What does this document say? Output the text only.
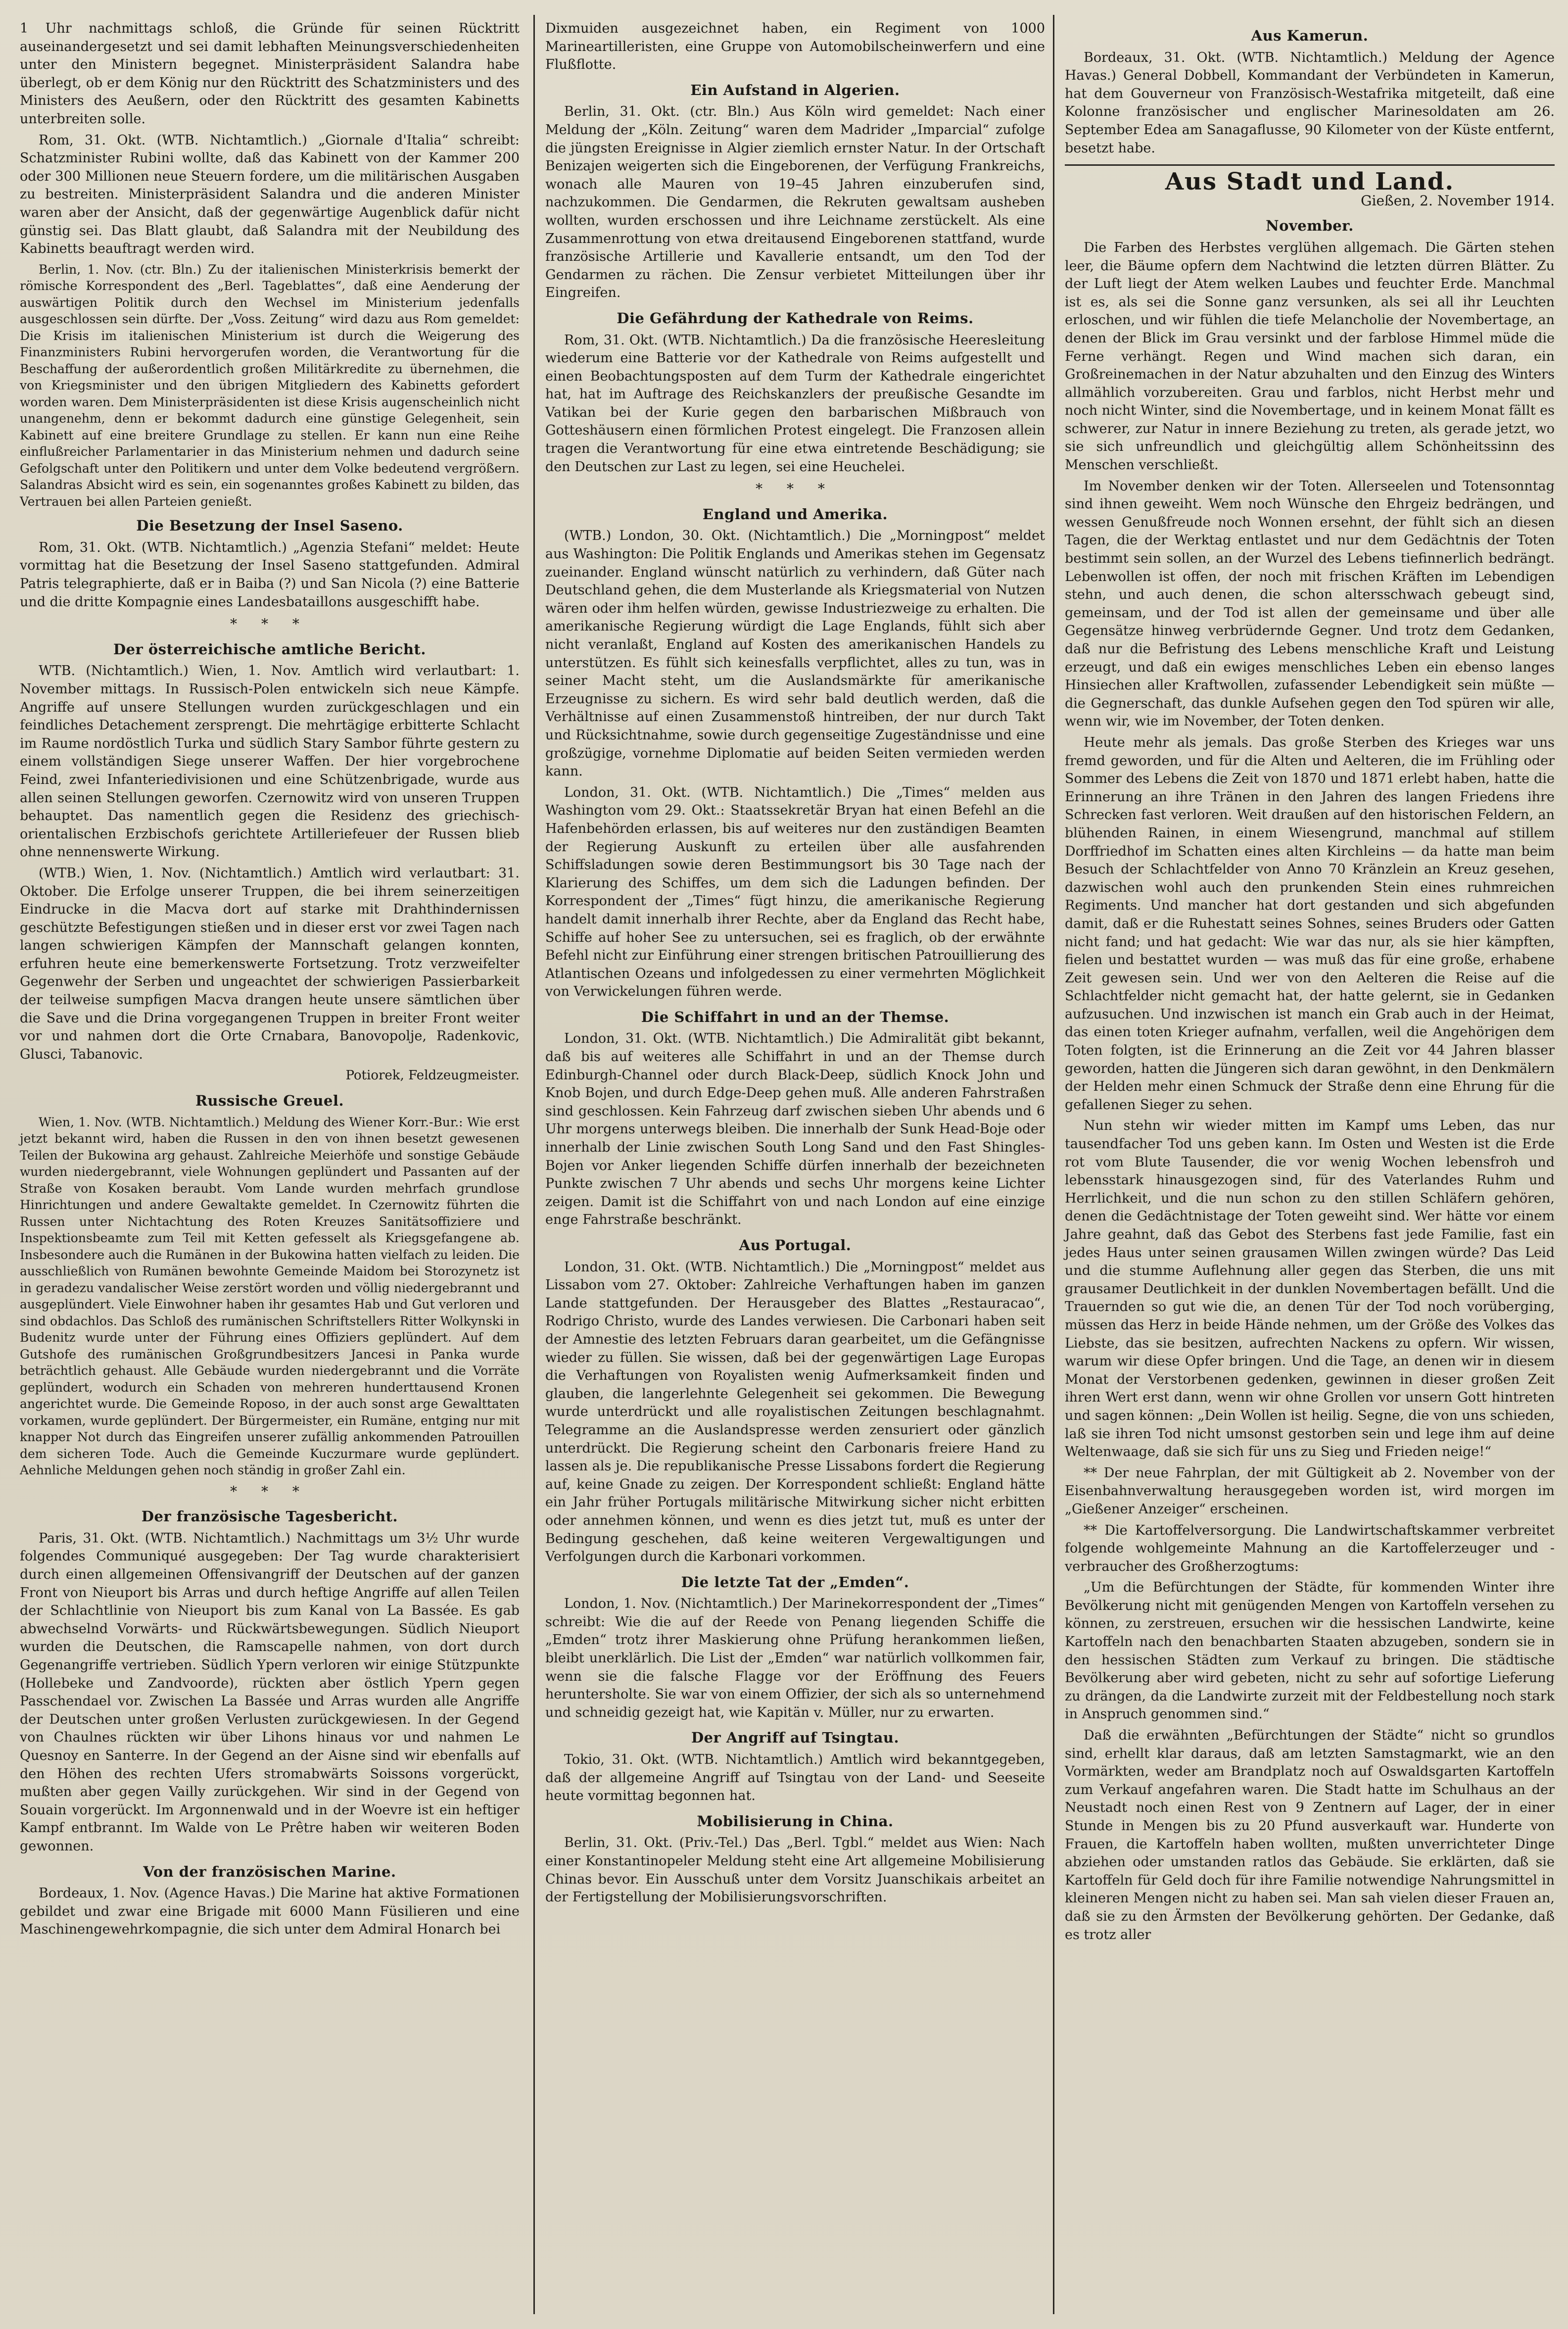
1 Uhr nachmittags schloß, die Gründe für seinen Rücktritt auseinandergesetzt und sei damit lebhaften Meinungsverschiedenheiten unter den Ministern begegnet. Ministerpräsident Salandra habe überlegt, ob er dem König nur den Rücktritt des Schatzministers und des Ministers des Aeußern, oder den Rücktritt des gesamten Kabinetts unterbreiten solle.

Rom, 31. Okt. (WTB. Nichtamtlich.) „Giornale d'Italia“ schreibt: Schatzminister Rubini wollte, daß das Kabinett von der Kammer 200 oder 300 Millionen neue Steuern fordere, um die militärischen Ausgaben zu bestreiten. Ministerpräsident Salandra und die anderen Minister waren aber der Ansicht, daß der gegenwärtige Augenblick dafür nicht günstig sei. Das Blatt glaubt, daß Salandra mit der Neubildung des Kabinetts beauftragt werden wird.

Berlin, 1. Nov. (ctr. Bln.) Zu der italienischen Ministerkrisis bemerkt der römische Korrespondent des „Berl. Tageblattes“, daß eine Aenderung der auswärtigen Politik durch den Wechsel im Ministerium jedenfalls ausgeschlossen sein dürfte. Der „Voss. Zeitung“ wird dazu aus Rom gemeldet: Die Krisis im italienischen Ministerium ist durch die Weigerung des Finanzministers Rubini hervorgerufen worden, die Verantwortung für die Beschaffung der außerordentlich großen Militärkredite zu übernehmen, die von Kriegsminister und den übrigen Mitgliedern des Kabinetts gefordert worden waren. Dem Ministerpräsidenten ist diese Krisis augenscheinlich nicht unangenehm, denn er bekommt dadurch eine günstige Gelegenheit, sein Kabinett auf eine breitere Grundlage zu stellen. Er kann nun eine Reihe einflußreicher Parlamentarier in das Ministerium nehmen und dadurch seine Gefolgschaft unter den Politikern und unter dem Volke bedeutend vergrößern. Salandras Absicht wird es sein, ein sogenanntes großes Kabinett zu bilden, das Vertrauen bei allen Parteien genießt.

Die Besetzung der Insel Saseno.

Rom, 31. Okt. (WTB. Nichtamtlich.) „Agenzia Stefani“ meldet: Heute vormittag hat die Besetzung der Insel Saseno stattgefunden. Admiral Patris telegraphierte, daß er in Baiba (?) und San Nicola (?) eine Batterie und die dritte Kompagnie eines Landesbataillons ausgeschifft habe.

* * *
Der österreichische amtliche Bericht.

WTB. (Nichtamtlich.) Wien, 1. Nov. Amtlich wird verlautbart: 1. November mittags. In Russisch-Polen entwickeln sich neue Kämpfe. Angriffe auf unsere Stellungen wurden zurückgeschlagen und ein feindliches Detachement zersprengt. Die mehrtägige erbitterte Schlacht im Raume nordöstlich Turka und südlich Stary Sambor führte gestern zu einem vollständigen Siege unserer Waffen. Der hier vorgebrochene Feind, zwei Infanteriedivisionen und eine Schützenbrigade, wurde aus allen seinen Stellungen geworfen. Czernowitz wird von unseren Truppen behauptet. Das namentlich gegen die Residenz des griechisch-orientalischen Erzbischofs gerichtete Artilleriefeuer der Russen blieb ohne nennenswerte Wirkung.

(WTB.) Wien, 1. Nov. (Nichtamtlich.) Amtlich wird verlautbart: 31. Oktober. Die Erfolge unserer Truppen, die bei ihrem seinerzeitigen Eindrucke in die Macva dort auf starke mit Drahthindernissen geschützte Befestigungen stießen und in dieser erst vor zwei Tagen nach langen schwierigen Kämpfen der Mannschaft gelangen konnten, erfuhren heute eine bemerkenswerte Fortsetzung. Trotz verzweifelter Gegenwehr der Serben und ungeachtet der schwierigen Passierbarkeit der teilweise sumpfigen Macva drangen heute unsere sämtlichen über die Save und die Drina vorgegangenen Truppen in breiter Front weiter vor und nahmen dort die Orte Crnabara, Banovopolje, Radenkovic, Glusci, Tabanovic.

Potiorek, Feldzeugmeister.
Russische Greuel.

Wien, 1. Nov. (WTB. Nichtamtlich.) Meldung des Wiener Korr.-Bur.: Wie erst jetzt bekannt wird, haben die Russen in den von ihnen besetzt gewesenen Teilen der Bukowina arg gehaust. Zahlreiche Meierhöfe und sonstige Gebäude wurden niedergebrannt, viele Wohnungen geplündert und Passanten auf der Straße von Kosaken beraubt. Vom Lande wurden mehrfach grundlose Hinrichtungen und andere Gewaltakte gemeldet. In Czernowitz führten die Russen unter Nichtachtung des Roten Kreuzes Sanitätsoffiziere und Inspektionsbeamte zum Teil mit Ketten gefesselt als Kriegsgefangene ab. Insbesondere auch die Rumänen in der Bukowina hatten vielfach zu leiden. Die ausschließlich von Rumänen bewohnte Gemeinde Maidom bei Storozynetz ist in geradezu vandalischer Weise zerstört worden und völlig niedergebrannt und ausgeplündert. Viele Einwohner haben ihr gesamtes Hab und Gut verloren und sind obdachlos. Das Schloß des rumänischen Schriftstellers Ritter Wolkynski in Budenitz wurde unter der Führung eines Offiziers geplündert. Auf dem Gutshofe des rumänischen Großgrundbesitzers Jancesi in Panka wurde beträchtlich gehaust. Alle Gebäude wurden niedergebrannt und die Vorräte geplündert, wodurch ein Schaden von mehreren hunderttausend Kronen angerichtet wurde. Die Gemeinde Roposo, in der auch sonst arge Gewalttaten vorkamen, wurde geplündert. Der Bürgermeister, ein Rumäne, entging nur mit knapper Not durch das Eingreifen unserer zufällig ankommenden Patrouillen dem sicheren Tode. Auch die Gemeinde Kuczurmare wurde geplündert. Aehnliche Meldungen gehen noch ständig in großer Zahl ein.

* * *
Der französische Tagesbericht.

Paris, 31. Okt. (WTB. Nichtamtlich.) Nachmittags um 3½ Uhr wurde folgendes Communiqué ausgegeben: Der Tag wurde charakterisiert durch einen allgemeinen Offensivangriff der Deutschen auf der ganzen Front von Nieuport bis Arras und durch heftige Angriffe auf allen Teilen der Schlachtlinie von Nieuport bis zum Kanal von La Bassée. Es gab abwechselnd Vorwärts- und Rückwärtsbewegungen. Südlich Nieuport wurden die Deutschen, die Ramscapelle nahmen, von dort durch Gegenangriffe vertrieben. Südlich Ypern verloren wir einige Stützpunkte (Hollebeke und Zandvoorde), rückten aber östlich Ypern gegen Passchendael vor. Zwischen La Bassée und Arras wurden alle Angriffe der Deutschen unter großen Verlusten zurückgewiesen. In der Gegend von Chaulnes rückten wir über Lihons hinaus vor und nahmen Le Quesnoy en Santerre. In der Gegend an der Aisne sind wir ebenfalls auf den Höhen des rechten Ufers stromabwärts Soissons vorgerückt, mußten aber gegen Vailly zurückgehen. Wir sind in der Gegend von Souain vorgerückt. Im Argonnenwald und in der Woevre ist ein heftiger Kampf entbrannt. Im Walde von Le Prêtre haben wir weiteren Boden gewonnen.

Von der französischen Marine.

Bordeaux, 1. Nov. (Agence Havas.) Die Marine hat aktive Formationen gebildet und zwar eine Brigade mit 6000 Mann Füsilieren und eine Maschinengewehrkompagnie, die sich unter dem Admiral Honarch bei

Dixmuiden ausgezeichnet haben, ein Regiment von 1000 Marineartilleristen, eine Gruppe von Automobilscheinwerfern und eine Flußflotte.

Ein Aufstand in Algerien.

Berlin, 31. Okt. (ctr. Bln.) Aus Köln wird gemeldet: Nach einer Meldung der „Köln. Zeitung“ waren dem Madrider „Imparcial“ zufolge die jüngsten Ereignisse in Algier ziemlich ernster Natur. In der Ortschaft Benizajen weigerten sich die Eingeborenen, der Verfügung Frankreichs, wonach alle Mauren von 19–45 Jahren einzuberufen sind, nachzukommen. Die Gendarmen, die Rekruten gewaltsam ausheben wollten, wurden erschossen und ihre Leichname zerstückelt. Als eine Zusammenrottung von etwa dreitausend Eingeborenen stattfand, wurde französische Artillerie und Kavallerie entsandt, um den Tod der Gendarmen zu rächen. Die Zensur verbietet Mitteilungen über ihr Eingreifen.

Die Gefährdung der Kathedrale von Reims.

Rom, 31. Okt. (WTB. Nichtamtlich.) Da die französische Heeresleitung wiederum eine Batterie vor der Kathedrale von Reims aufgestellt und einen Beobachtungsposten auf dem Turm der Kathedrale eingerichtet hat, hat im Auftrage des Reichskanzlers der preußische Gesandte im Vatikan bei der Kurie gegen den barbarischen Mißbrauch von Gotteshäusern einen förmlichen Protest eingelegt. Die Franzosen allein tragen die Verantwortung für eine etwa eintretende Beschädigung; sie den Deutschen zur Last zu legen, sei eine Heuchelei.

* * *
England und Amerika.

(WTB.) London, 30. Okt. (Nichtamtlich.) Die „Morningpost“ meldet aus Washington: Die Politik Englands und Amerikas stehen im Gegensatz zueinander. England wünscht natürlich zu verhindern, daß Güter nach Deutschland gehen, die dem Musterlande als Kriegsmaterial von Nutzen wären oder ihm helfen würden, gewisse Industriezweige zu erhalten. Die amerikanische Regierung würdigt die Lage Englands, fühlt sich aber nicht veranlaßt, England auf Kosten des amerikanischen Handels zu unterstützen. Es fühlt sich keinesfalls verpflichtet, alles zu tun, was in seiner Macht steht, um die Auslandsmärkte für amerikanische Erzeugnisse zu sichern. Es wird sehr bald deutlich werden, daß die Verhältnisse auf einen Zusammenstoß hintreiben, der nur durch Takt und Rücksichtnahme, sowie durch gegenseitige Zugeständnisse und eine großzügige, vornehme Diplomatie auf beiden Seiten vermieden werden kann.

London, 31. Okt. (WTB. Nichtamtlich.) Die „Times“ melden aus Washington vom 29. Okt.: Staatssekretär Bryan hat einen Befehl an die Hafenbehörden erlassen, bis auf weiteres nur den zuständigen Beamten der Regierung Auskunft zu erteilen über alle ausfahrenden Schiffsladungen sowie deren Bestimmungsort bis 30 Tage nach der Klarierung des Schiffes, um dem sich die Ladungen befinden. Der Korrespondent der „Times“ fügt hinzu, die amerikanische Regierung handelt damit innerhalb ihrer Rechte, aber da England das Recht habe, Schiffe auf hoher See zu untersuchen, sei es fraglich, ob der erwähnte Befehl nicht zur Einführung einer strengen britischen Patrouillierung des Atlantischen Ozeans und infolgedessen zu einer vermehrten Möglichkeit von Verwickelungen führen werde.

Die Schiffahrt in und an der Themse.

London, 31. Okt. (WTB. Nichtamtlich.) Die Admiralität gibt bekannt, daß bis auf weiteres alle Schiffahrt in und an der Themse durch Edinburgh-Channel oder durch Black-Deep, südlich Knock John und Knob Bojen, und durch Edge-Deep gehen muß. Alle anderen Fahrstraßen sind geschlossen. Kein Fahrzeug darf zwischen sieben Uhr abends und 6 Uhr morgens unterwegs bleiben. Die innerhalb der Sunk Head-Boje oder innerhalb der Linie zwischen South Long Sand und den Fast Shingles-Bojen vor Anker liegenden Schiffe dürfen innerhalb der bezeichneten Punkte zwischen 7 Uhr abends und sechs Uhr morgens keine Lichter zeigen. Damit ist die Schiffahrt von und nach London auf eine einzige enge Fahrstraße beschränkt.

Aus Portugal.

London, 31. Okt. (WTB. Nichtamtlich.) Die „Morningpost“ meldet aus Lissabon vom 27. Oktober: Zahlreiche Verhaftungen haben im ganzen Lande stattgefunden. Der Herausgeber des Blattes „Restauracao“, Rodrigo Christo, wurde des Landes verwiesen. Die Carbonari haben seit der Amnestie des letzten Februars daran gearbeitet, um die Gefängnisse wieder zu füllen. Sie wissen, daß bei der gegenwärtigen Lage Europas die Verhaftungen von Royalisten wenig Aufmerksamkeit finden und glauben, die langerlehnte Gelegenheit sei gekommen. Die Bewegung wurde unterdrückt und alle royalistischen Zeitungen beschlagnahmt. Telegramme an die Auslandspresse werden zensuriert oder gänzlich unterdrückt. Die Regierung scheint den Carbonaris freiere Hand zu lassen als je. Die republikanische Presse Lissabons fordert die Regierung auf, keine Gnade zu zeigen. Der Korrespondent schließt: England hätte ein Jahr früher Portugals militärische Mitwirkung sicher nicht erbitten oder annehmen können, und wenn es dies jetzt tut, muß es unter der Bedingung geschehen, daß keine weiteren Vergewaltigungen und Verfolgungen durch die Karbonari vorkommen.

Die letzte Tat der „Emden“.

London, 1. Nov. (Nichtamtlich.) Der Marinekorrespondent der „Times“ schreibt: Wie die auf der Reede von Penang liegenden Schiffe die „Emden“ trotz ihrer Maskierung ohne Prüfung herankommen ließen, bleibt unerklärlich. Die List der „Emden“ war natürlich vollkommen fair, wenn sie die falsche Flagge vor der Eröffnung des Feuers heruntersholte. Sie war von einem Offizier, der sich als so unternehmend und schneidig gezeigt hat, wie Kapitän v. Müller, nur zu erwarten.

Der Angriff auf Tsingtau.

Tokio, 31. Okt. (WTB. Nichtamtlich.) Amtlich wird bekanntgegeben, daß der allgemeine Angriff auf Tsingtau von der Land- und Seeseite heute vormittag begonnen hat.

Mobilisierung in China.

Berlin, 31. Okt. (Priv.-Tel.) Das „Berl. Tgbl.“ meldet aus Wien: Nach einer Konstantinopeler Meldung steht eine Art allgemeine Mobilisierung Chinas bevor. Ein Ausschuß unter dem Vorsitz Juanschikais arbeitet an der Fertigstellung der Mobilisierungsvorschriften.

Aus Kamerun.

Bordeaux, 31. Okt. (WTB. Nichtamtlich.) Meldung der Agence Havas.) General Dobbell, Kommandant der Verbündeten in Kamerun, hat dem Gouverneur von Französisch-Westafrika mitgeteilt, daß eine Kolonne französischer und englischer Marinesoldaten am 26. September Edea am Sanagaflusse, 90 Kilometer von der Küste entfernt, besetzt habe.

Aus Stadt und Land.
Gießen, 2. November 1914.
November.

Die Farben des Herbstes verglühen allgemach. Die Gärten stehen leer, die Bäume opfern dem Nachtwind die letzten dürren Blätter. Zu der Luft liegt der Atem welken Laubes und feuchter Erde. Manchmal ist es, als sei die Sonne ganz versunken, als sei all ihr Leuchten erloschen, und wir fühlen die tiefe Melancholie der Novembertage, an denen der Blick im Grau versinkt und der farblose Himmel müde die Ferne verhängt. Regen und Wind machen sich daran, ein Großreinemachen in der Natur abzuhalten und den Einzug des Winters allmählich vorzubereiten. Grau und farblos, nicht Herbst mehr und noch nicht Winter, sind die Novembertage, und in keinem Monat fällt es schwerer, zur Natur in innere Beziehung zu treten, als gerade jetzt, wo sie sich unfreundlich und gleichgültig allem Schönheitssinn des Menschen verschließt.

Im November denken wir der Toten. Allerseelen und Totensonntag sind ihnen geweiht. Wem noch Wünsche den Ehrgeiz bedrängen, und wessen Genußfreude noch Wonnen ersehnt, der fühlt sich an diesen Tagen, die der Werktag entlastet und nur dem Gedächtnis der Toten bestimmt sein sollen, an der Wurzel des Lebens tiefinnerlich bedrängt. Lebenwollen ist offen, der noch mit frischen Kräften im Lebendigen stehn, und auch denen, die schon altersschwach gebeugt sind, gemeinsam, und der Tod ist allen der gemeinsame und über alle Gegensätze hinweg verbrüdernde Gegner. Und trotz dem Gedanken, daß nur die Befristung des Lebens menschliche Kraft und Leistung erzeugt, und daß ein ewiges menschliches Leben ein ebenso langes Hinsiechen aller Kraftwollen, zufassender Lebendigkeit sein müßte — die Gegnerschaft, das dunkle Aufsehen gegen den Tod spüren wir alle, wenn wir, wie im November, der Toten denken.

Heute mehr als jemals. Das große Sterben des Krieges war uns fremd geworden, und für die Alten und Aelteren, die im Frühling oder Sommer des Lebens die Zeit von 1870 und 1871 erlebt haben, hatte die Erinnerung an ihre Tränen in den Jahren des langen Friedens ihre Schrecken fast verloren. Weit draußen auf den historischen Feldern, an blühenden Rainen, in einem Wiesengrund, manchmal auf stillem Dorffriedhof im Schatten eines alten Kirchleins — da hatte man beim Besuch der Schlachtfelder von Anno 70 Kränzlein an Kreuz gesehen, dazwischen wohl auch den prunkenden Stein eines ruhmreichen Regiments. Und mancher hat dort gestanden und sich abgefunden damit, daß er die Ruhestatt seines Sohnes, seines Bruders oder Gatten nicht fand; und hat gedacht: Wie war das nur, als sie hier kämpften, fielen und bestattet wurden — was muß das für eine große, erhabene Zeit gewesen sein. Und wer von den Aelteren die Reise auf die Schlachtfelder nicht gemacht hat, der hatte gelernt, sie in Gedanken aufzusuchen. Und inzwischen ist manch ein Grab auch in der Heimat, das einen toten Krieger aufnahm, verfallen, weil die Angehörigen dem Toten folgten, ist die Erinnerung an die Zeit vor 44 Jahren blasser geworden, hatten die Jüngeren sich daran gewöhnt, in den Denkmälern der Helden mehr einen Schmuck der Straße denn eine Ehrung für die gefallenen Sieger zu sehen.

Nun stehn wir wieder mitten im Kampf ums Leben, das nur tausendfacher Tod uns geben kann. Im Osten und Westen ist die Erde rot vom Blute Tausender, die vor wenig Wochen lebensfroh und lebensstark hinausgezogen sind, für des Vaterlandes Ruhm und Herrlichkeit, und die nun schon zu den stillen Schläfern gehören, denen die Gedächtnistage der Toten geweiht sind. Wer hätte vor einem Jahre geahnt, daß das Gebot des Sterbens fast jede Familie, fast ein jedes Haus unter seinen grausamen Willen zwingen würde? Das Leid und die stumme Auflehnung aller gegen das Sterben, die uns mit grausamer Deutlichkeit in der dunklen Novembertagen befällt. Und die Trauernden so gut wie die, an denen Tür der Tod noch vorüberging, müssen das Herz in beide Hände nehmen, um der Größe des Volkes das Liebste, das sie besitzen, aufrechten Nackens zu opfern. Wir wissen, warum wir diese Opfer bringen. Und die Tage, an denen wir in diesem Monat der Verstorbenen gedenken, gewinnen in dieser großen Zeit ihren Wert erst dann, wenn wir ohne Grollen vor unsern Gott hintreten und sagen können: „Dein Wollen ist heilig. Segne, die von uns schieden, laß sie ihren Tod nicht umsonst gestorben sein und lege ihm auf deine Weltenwaage, daß sie sich für uns zu Sieg und Frieden neige!“

** Der neue Fahrplan, der mit Gültigkeit ab 2. November von der Eisenbahnverwaltung herausgegeben worden ist, wird morgen im „Gießener Anzeiger“ erscheinen.

** Die Kartoffelversorgung. Die Landwirtschaftskammer verbreitet folgende wohlgemeinte Mahnung an die Kartoffelerzeuger und -verbraucher des Großherzogtums:

„Um die Befürchtungen der Städte, für kommenden Winter ihre Bevölkerung nicht mit genügenden Mengen von Kartoffeln versehen zu können, zu zerstreuen, ersuchen wir die hessischen Landwirte, keine Kartoffeln nach den benachbarten Staaten abzugeben, sondern sie in den hessischen Städten zum Verkauf zu bringen. Die städtische Bevölkerung aber wird gebeten, nicht zu sehr auf sofortige Lieferung zu drängen, da die Landwirte zurzeit mit der Feldbestellung noch stark in Anspruch genommen sind.“

Daß die erwähnten „Befürchtungen der Städte“ nicht so grundlos sind, erhellt klar daraus, daß am letzten Samstagmarkt, wie an den Vormärkten, weder am Brandplatz noch auf Oswaldsgarten Kartoffeln zum Verkauf angefahren waren. Die Stadt hatte im Schulhaus an der Neustadt noch einen Rest von 9 Zentnern auf Lager, der in einer Stunde in Mengen bis zu 20 Pfund ausverkauft war. Hunderte von Frauen, die Kartoffeln haben wollten, mußten unverrichteter Dinge abziehen oder umstanden ratlos das Gebäude. Sie erklärten, daß sie Kartoffeln für Geld doch für ihre Familie notwendige Nahrungsmittel in kleineren Mengen nicht zu haben sei. Man sah vielen dieser Frauen an, daß sie zu den Ärmsten der Bevölkerung gehörten. Der Gedanke, daß es trotz aller
